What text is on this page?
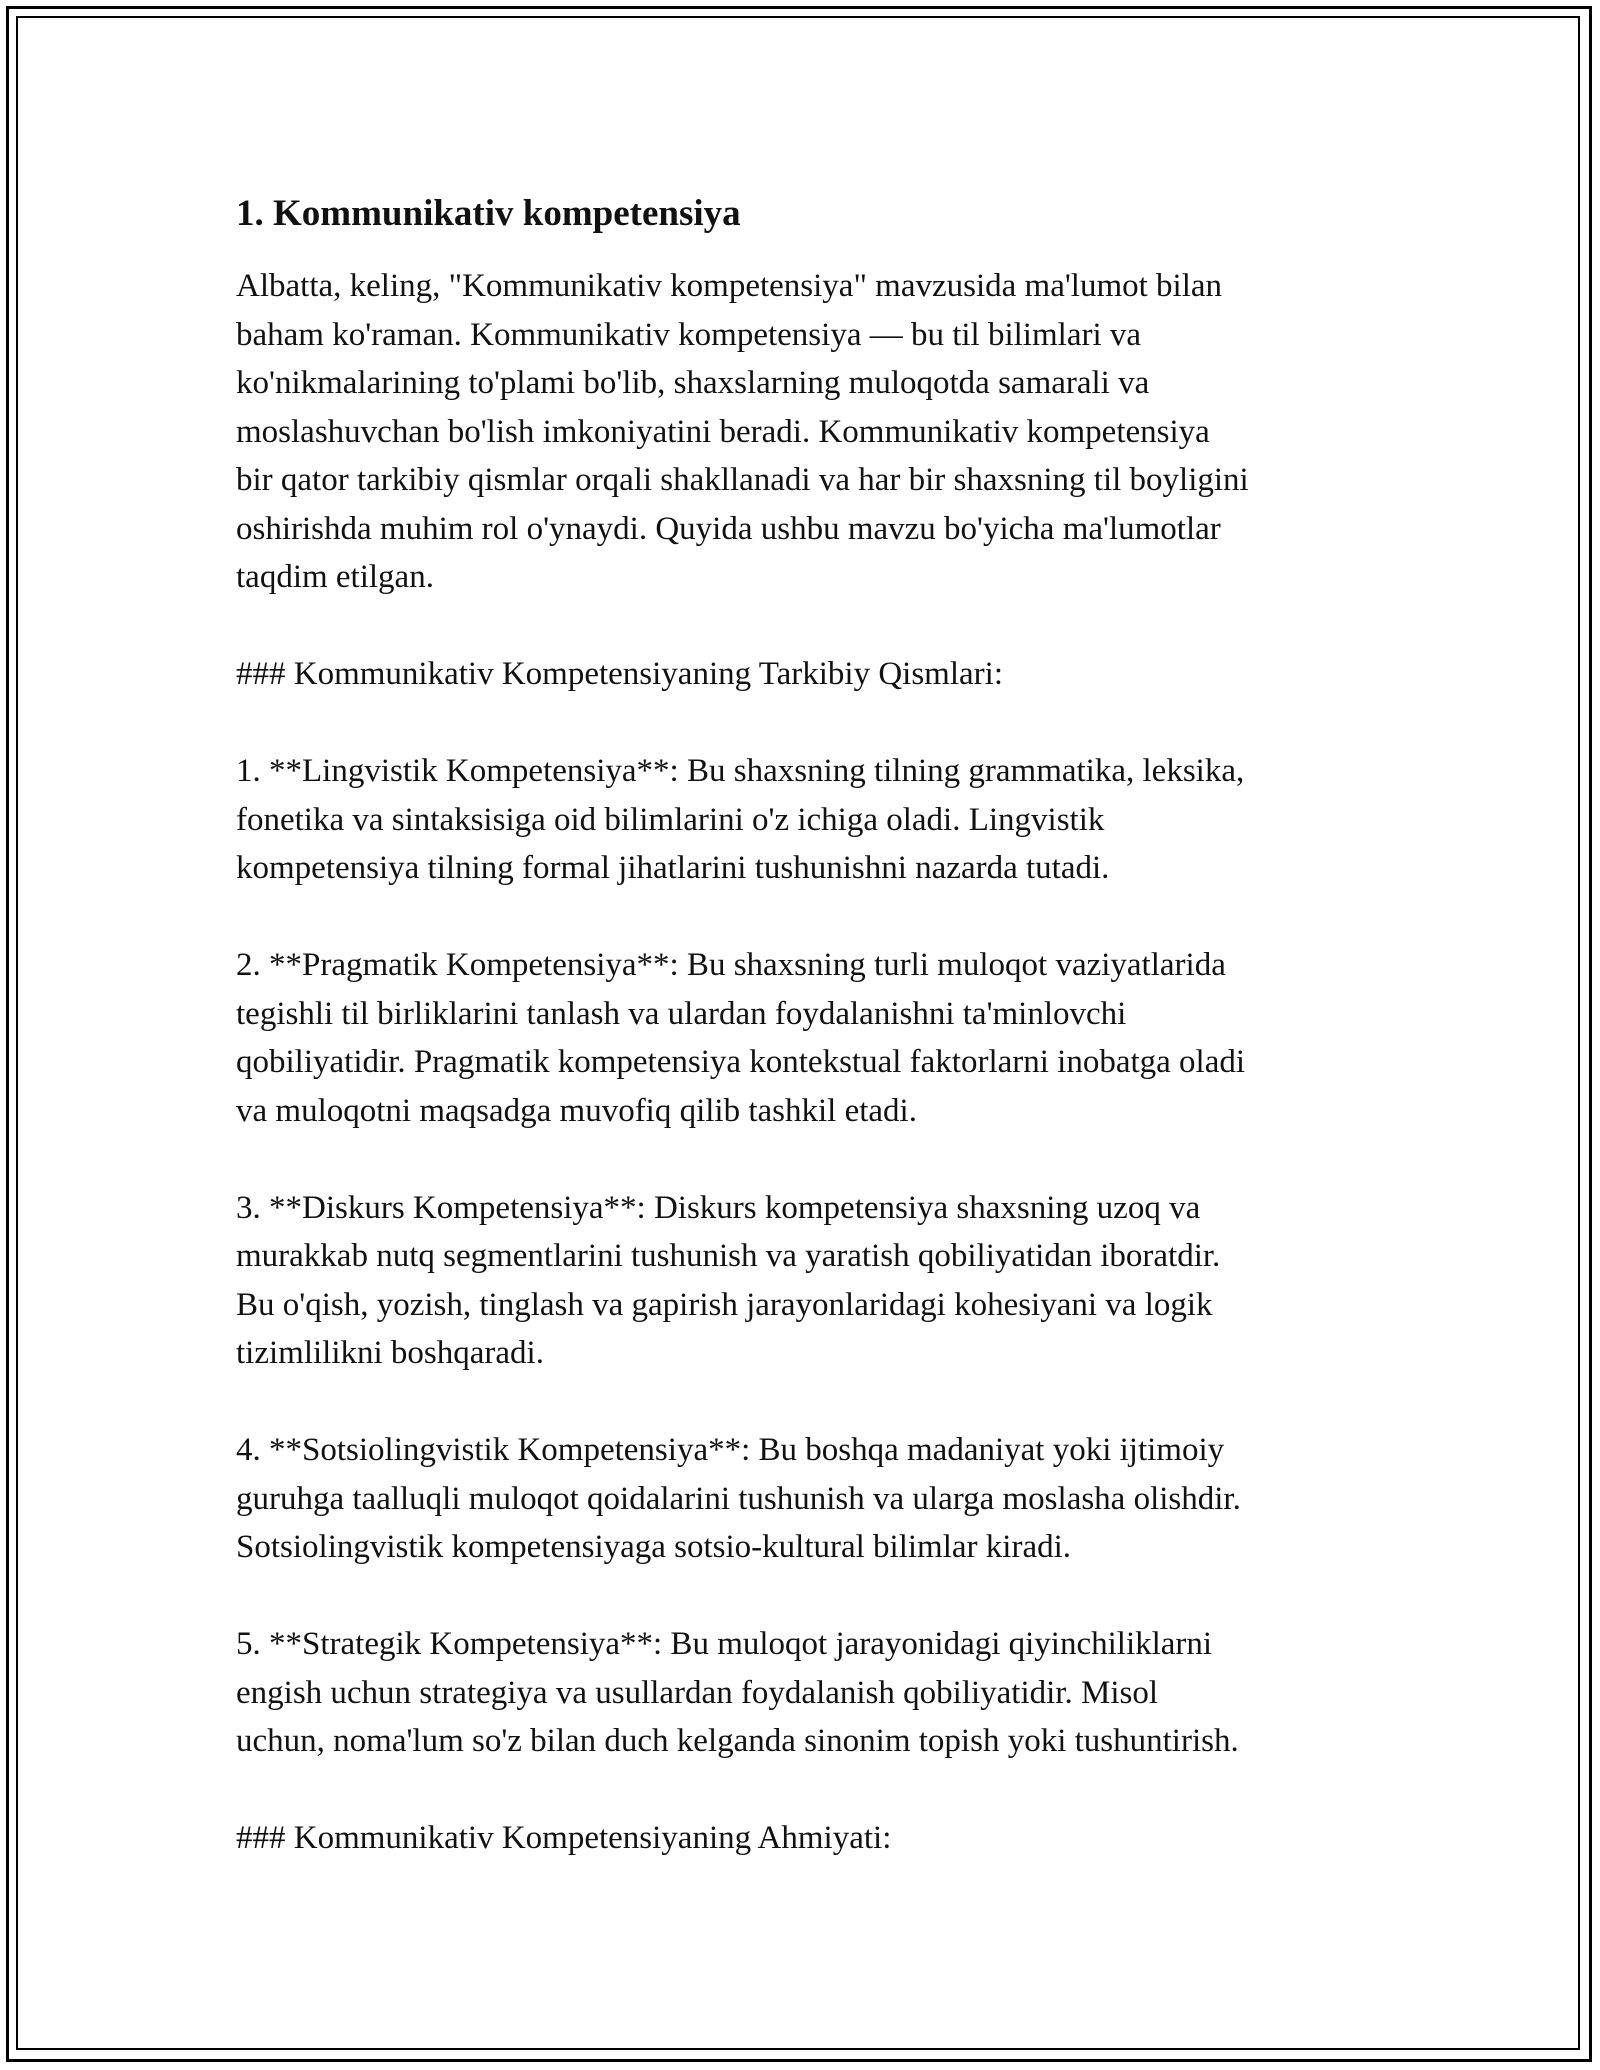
1. Kommunikativ kompetensiya
Albatta, keling, "Kommunikativ kompetensiya" mavzusida ma'lumot bilan
baham ko'raman. Kommunikativ kompetensiya — bu til bilimlari va
ko'nikmalarining to'plami bo'lib, shaxslarning muloqotda samarali va
moslashuvchan bo'lish imkoniyatini beradi. Kommunikativ kompetensiya
bir qator tarkibiy qismlar orqali shakllanadi va har bir shaxsning til boyligini
oshirishda muhim rol o'ynaydi. Quyida ushbu mavzu bo'yicha ma'lumotlar
taqdim etilgan.
### Kommunikativ Kompetensiyaning Tarkibiy Qismlari:
1. **Lingvistik Kompetensiya**: Bu shaxsning tilning grammatika, leksika,
fonetika va sintaksisiga oid bilimlarini o'z ichiga oladi. Lingvistik
kompetensiya tilning formal jihatlarini tushunishni nazarda tutadi.
2. **Pragmatik Kompetensiya**: Bu shaxsning turli muloqot vaziyatlarida
tegishli til birliklarini tanlash va ulardan foydalanishni ta'minlovchi
qobiliyatidir. Pragmatik kompetensiya kontekstual faktorlarni inobatga oladi
va muloqotni maqsadga muvofiq qilib tashkil etadi.
3. **Diskurs Kompetensiya**: Diskurs kompetensiya shaxsning uzoq va
murakkab nutq segmentlarini tushunish va yaratish qobiliyatidan iboratdir.
Bu o'qish, yozish, tinglash va gapirish jarayonlaridagi kohesiyani va logik
tizimlilikni boshqaradi.
4. **Sotsiolingvistik Kompetensiya**: Bu boshqa madaniyat yoki ijtimoiy
guruhga taalluqli muloqot qoidalarini tushunish va ularga moslasha olishdir.
Sotsiolingvistik kompetensiyaga sotsio-kultural bilimlar kiradi.
5. **Strategik Kompetensiya**: Bu muloqot jarayonidagi qiyinchiliklarni
engish uchun strategiya va usullardan foydalanish qobiliyatidir. Misol
uchun, noma'lum so'z bilan duch kelganda sinonim topish yoki tushuntirish.
### Kommunikativ Kompetensiyaning Ahmiyati:
